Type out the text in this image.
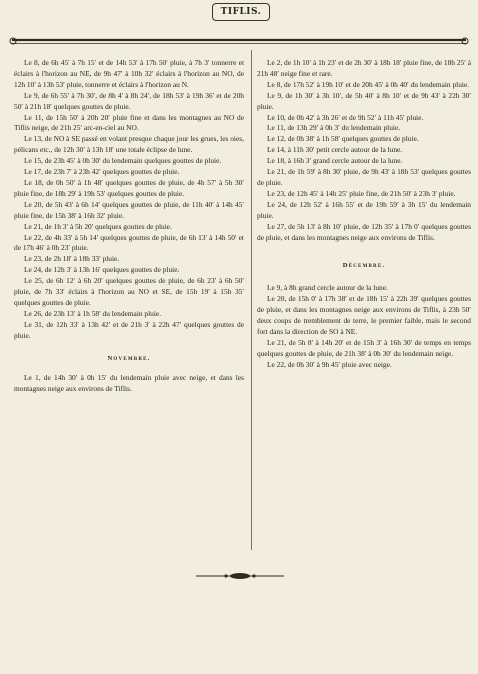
TIFLIS.

Le 8, de 6h 45′ à 7h 15′ et de 14h 53′ à 17h 50′ pluie, à 7h 3′ tonnerre et éclairs à l'horizon au NE, de 9h 47′ à 10h 32′ éclairs à l'horizon au NO, de 12h 10′ à 13h 53′ pluie, tonnerre et éclairs à l'horizon au N.

Le 9, de 6h 55′ à 7h 30′, de 8h 4′ à 8h 24′, de 18h 53′ à 19h 36′ et de 20h 50′ à 21h 18′ quelques gouttes de pluie.

Le 11, de 15h 50′ à 20h 20′ pluie fine et dans les montagnes au NO de Tiflis neige, de 21h 25′ arc-en-ciel au NO.

Le 13, de NO à SE passé en volant presque chaque jour les grues, les oies, pélicans etc., de 12h 30′ à 13h 18′ une totale éclipse de lune.

Le 15, de 23h 45′ à 0h 30′ du lendemain quelques gouttes de pluie.

Le 17, de 23h 7′ à 23h 42′ quelques gouttes de pluie.

Le 18, de 0h 50′ à 1h 48′ quelques gouttes de pluie, de 4h 57′ à 5h 30′ pluie fine, de 18h 29′ à 19h 53′ quelques gouttes de pluie.

Le 20, de 5h 43′ à 6h 14′ quelques gouttes de pluie, de 11h 40′ à 14h 45′ pluie fine, de 15h 38′ à 16h 32′ pluie.

Le 21, de 1h 3′ à 5h 20′ quelques gouttes de pluie.

Le 22, de 4h 33′ à 5h 14′ quelques gouttes de pluie, de 6h 13′ à 14h 50′ et de 17h 46′ à 0h 23′ pluie.

Le 23, de 2h 18′ à 18h 33′ pluie.

Le 24, de 12h 3′ à 13h 16′ quelques gouttes de pluie.

Le 25, de 6h 12′ à 6h 20′ quelques gouttes de pluie, de 6h 23′ à 6h 50′ pluie, de 7h 33′ éclairs à l'horizon au NO et SE, de 15h 19′ à 15h 35′ quelques gouttes de pluie.

Le 26, de 23h 13′ à 1h 58′ du lendemain pluie.

Le 31, de 12h 33′ à 13h 42′ et de 21h 3′ à 22h 47′ quelques gouttes de pluie.

Novembre.

Le 1, de 14h 30′ à 0h 15′ du lendemain pluie avec neige, et dans les montagnes neige aux environs de Tiflis.

Le 2, de 1h 10′ à 1h 23′ et de 2h 30′ à 18h 18′ pluie fine, de 18h 25′ à 21h 48′ neige fine et rare.

Le 8, de 17h 52′ à 19h 10′ et de 20h 45′ à 0h 40′ du lendemain pluie.

Le 9, de 1h 30′ à 3h 10′, de 5h 40′ à 8h 10′ et de 9h 43′ à 22h 30′ pluie.

Le 10, de 0h 42′ à 3h 26′ et de 9h 52′ à 11h 45′ pluie.

Le 11, de 13h 29′ à 0h 3′ du lendemain pluie.

Le 12, de 0h 38′ à 1h 58′ quelques gouttes de pluie.

Le 14, à 11h 30′ petit cercle autour de la lune.

Le 18, à 16h 3′ grand cercle autour de la lune.

Le 21, de 1h 59′ à 8h 30′ pluie, de 9h 43′ à 18h 53′ quelques gouttes de pluie.

Le 23, de 12h 45′ à 14h 25′ pluie fine, de 21h 50′ à 23h 3′ pluie.

Le 24, de 12h 52′ à 16h 55′ et de 19h 59′ à 3h 15′ du lendemain pluie.

Le 27, de 5h 13′ à 8h 10′ pluie, de 12h 35′ à 17h 0′ quelques gouttes de pluie, et dans les montagnes neige aux environs de Tiflis.

Décembre.

Le 9, à 8h grand cercle autour de la lune.

Le 20, de 15h 0′ à 17h 38′ et de 18h 15′ à 22h 39′ quelques gouttes de pluie, et dans les montagnes neige aux environs de Tiflis, à 23h 50′ deux coups de tremblement de terre, le premier faible, mais le second fort dans la direction de SO à NE.

Le 21, de 5h 8′ à 14h 20′ et de 15h 3′ à 16h 30′ de temps en temps quelques gouttes de pluie, de 21h 38′ à 0h 30′ du lendemain neige.

Le 22, de 0h 30′ à 9h 45′ pluie avec neige.
